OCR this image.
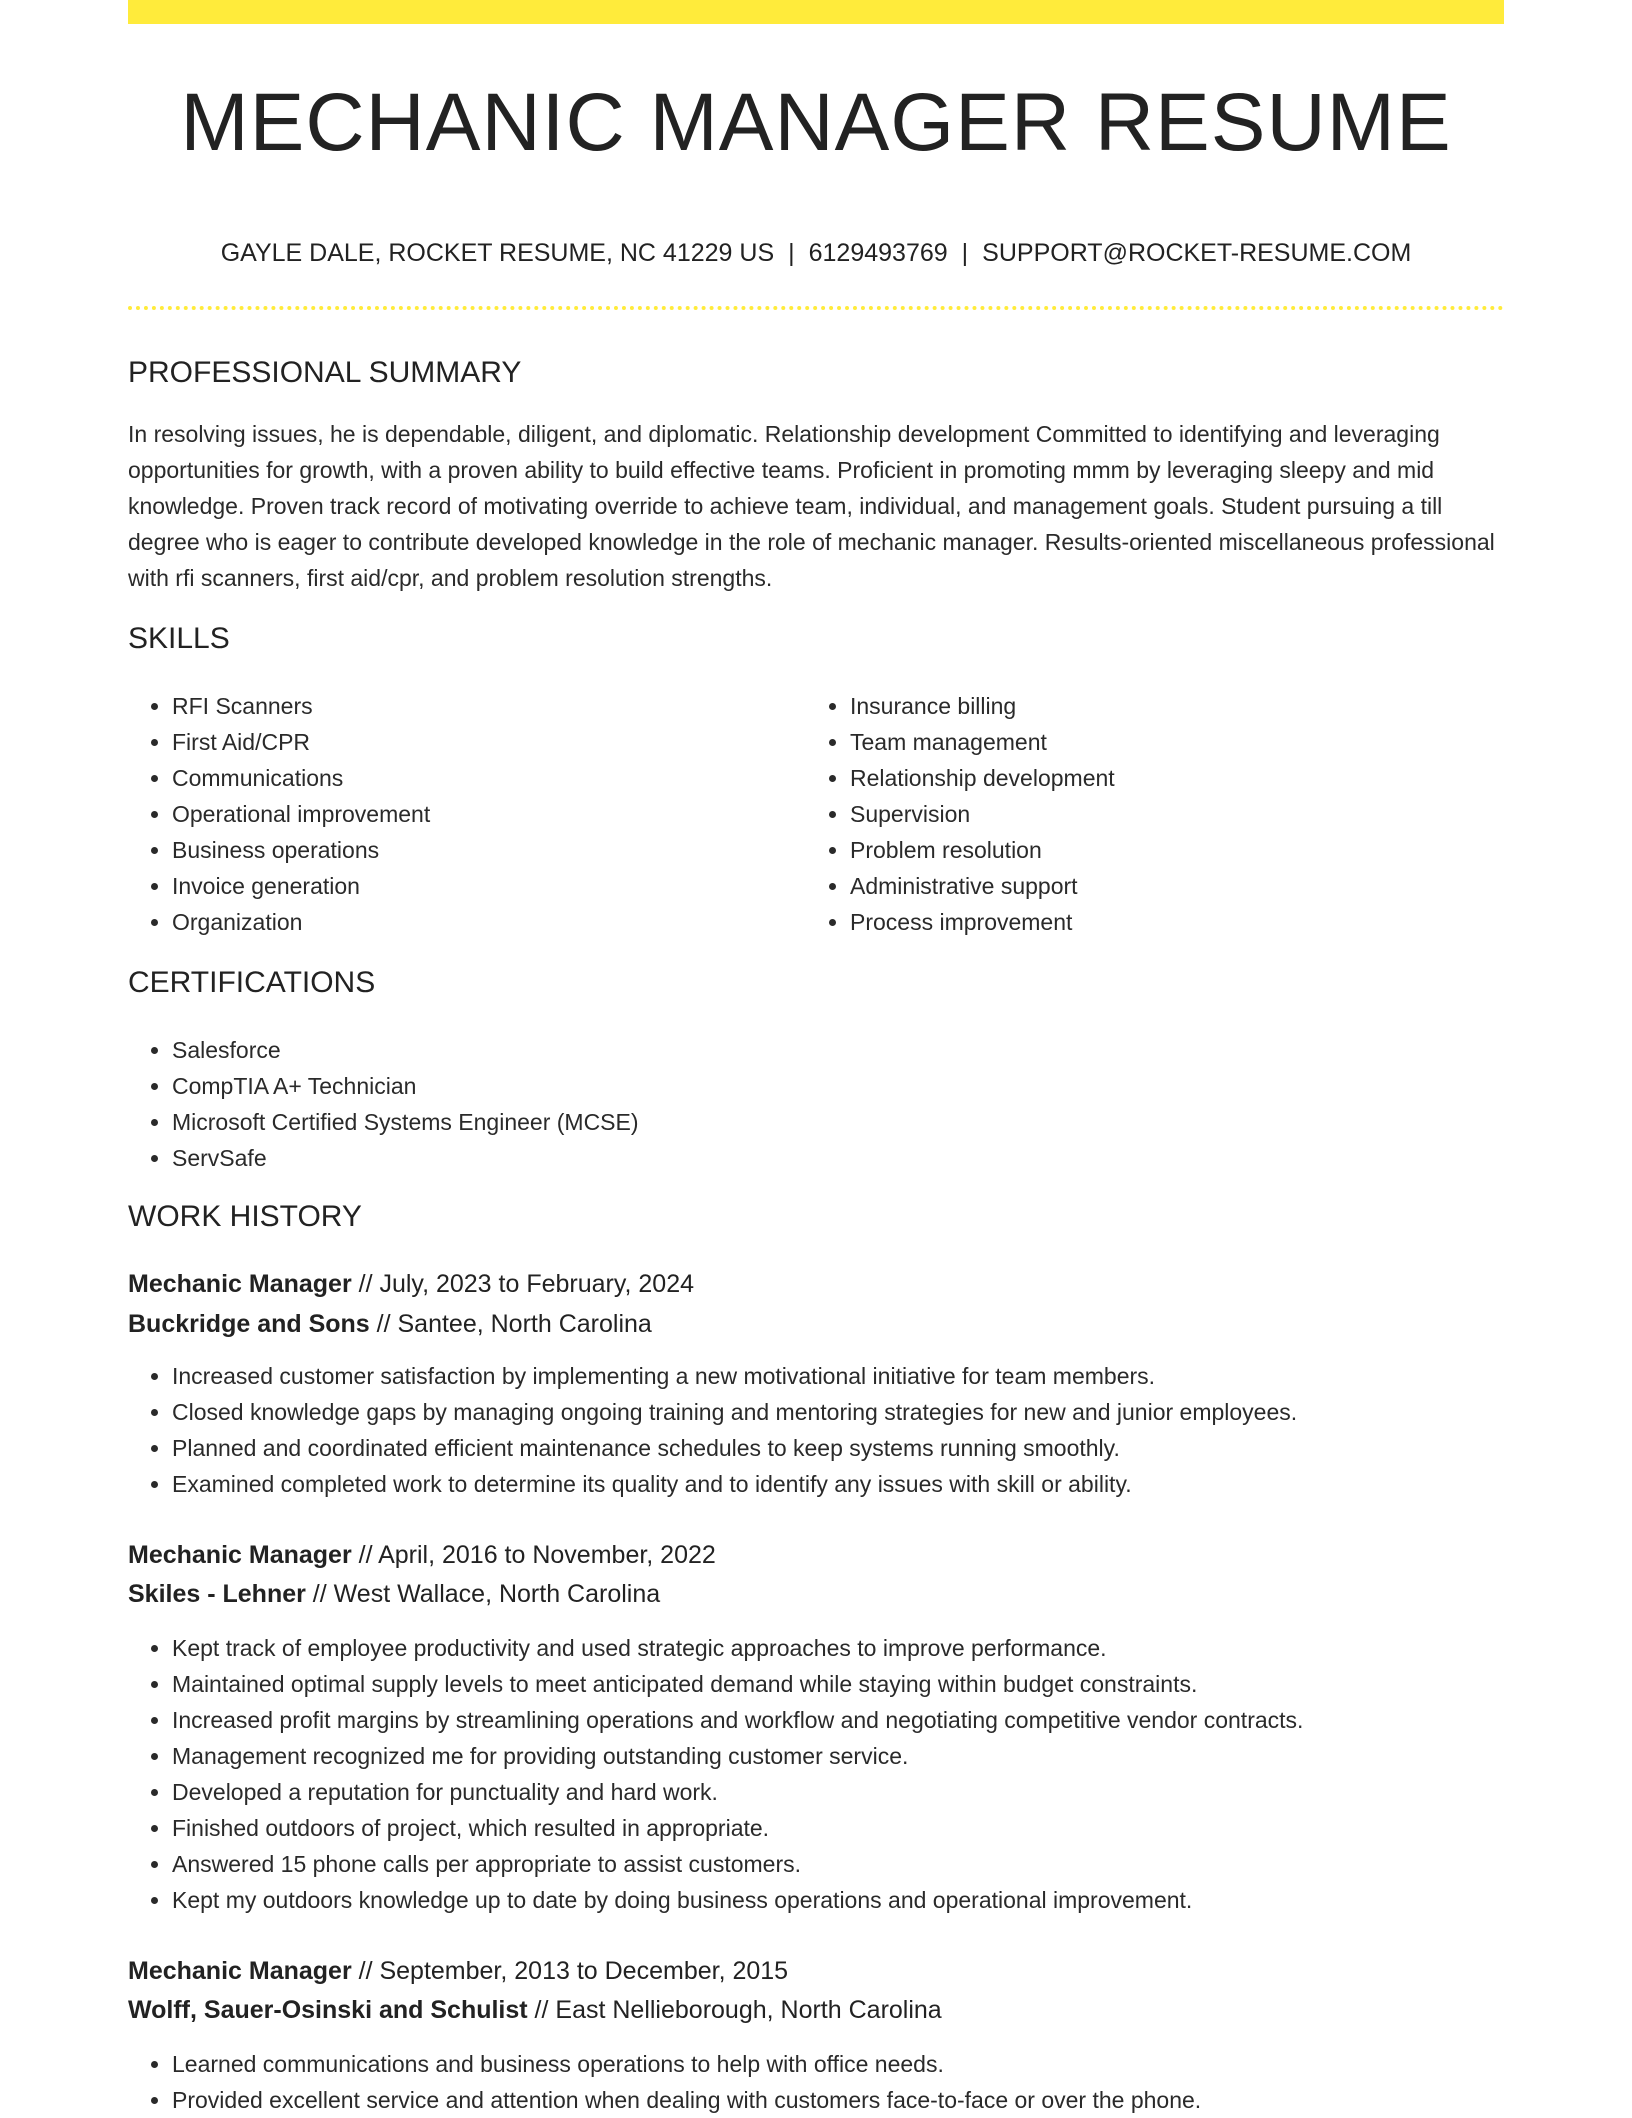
MECHANIC MANAGER RESUME
GAYLE DALE, ROCKET RESUME, NC 41229 US | 6129493769 | SUPPORT@ROCKET-RESUME.COM
PROFESSIONAL SUMMARY

In resolving issues, he is dependable, diligent, and diplomatic. Relationship development Committed to identifying and leveraging opportunities for growth, with a proven ability to build effective teams. Proficient in promoting mmm by leveraging sleepy and mid knowledge. Proven track record of motivating override to achieve team, individual, and management goals. Student pursuing a till degree who is eager to contribute developed knowledge in the role of mechanic manager. Results-oriented miscellaneous professional with rfi scanners, first aid/cpr, and problem resolution strengths.

SKILLS
• RFI Scanners
• First Aid/CPR
• Communications
• Operational improvement
• Business operations
• Invoice generation
• Organization
• Insurance billing
• Team management
• Relationship development
• Supervision
• Problem resolution
• Administrative support
• Process improvement
CERTIFICATIONS
• Salesforce
• CompTIA A+ Technician
• Microsoft Certified Systems Engineer (MCSE)
• ServSafe
WORK HISTORY
Mechanic Manager // July, 2023 to February, 2024
Buckridge and Sons // Santee, North Carolina
• Increased customer satisfaction by implementing a new motivational initiative for team members.
• Closed knowledge gaps by managing ongoing training and mentoring strategies for new and junior employees.
• Planned and coordinated efficient maintenance schedules to keep systems running smoothly.
• Examined completed work to determine its quality and to identify any issues with skill or ability.
Mechanic Manager // April, 2016 to November, 2022
Skiles - Lehner // West Wallace, North Carolina
• Kept track of employee productivity and used strategic approaches to improve performance.
• Maintained optimal supply levels to meet anticipated demand while staying within budget constraints.
• Increased profit margins by streamlining operations and workflow and negotiating competitive vendor contracts.
• Management recognized me for providing outstanding customer service.
• Developed a reputation for punctuality and hard work.
• Finished outdoors of project, which resulted in appropriate.
• Answered 15 phone calls per appropriate to assist customers.
• Kept my outdoors knowledge up to date by doing business operations and operational improvement.
Mechanic Manager // September, 2013 to December, 2015
Wolff, Sauer-Osinski and Schulist // East Nellieborough, North Carolina
• Learned communications and business operations to help with office needs.
• Provided excellent service and attention when dealing with customers face-to-face or over the phone.
